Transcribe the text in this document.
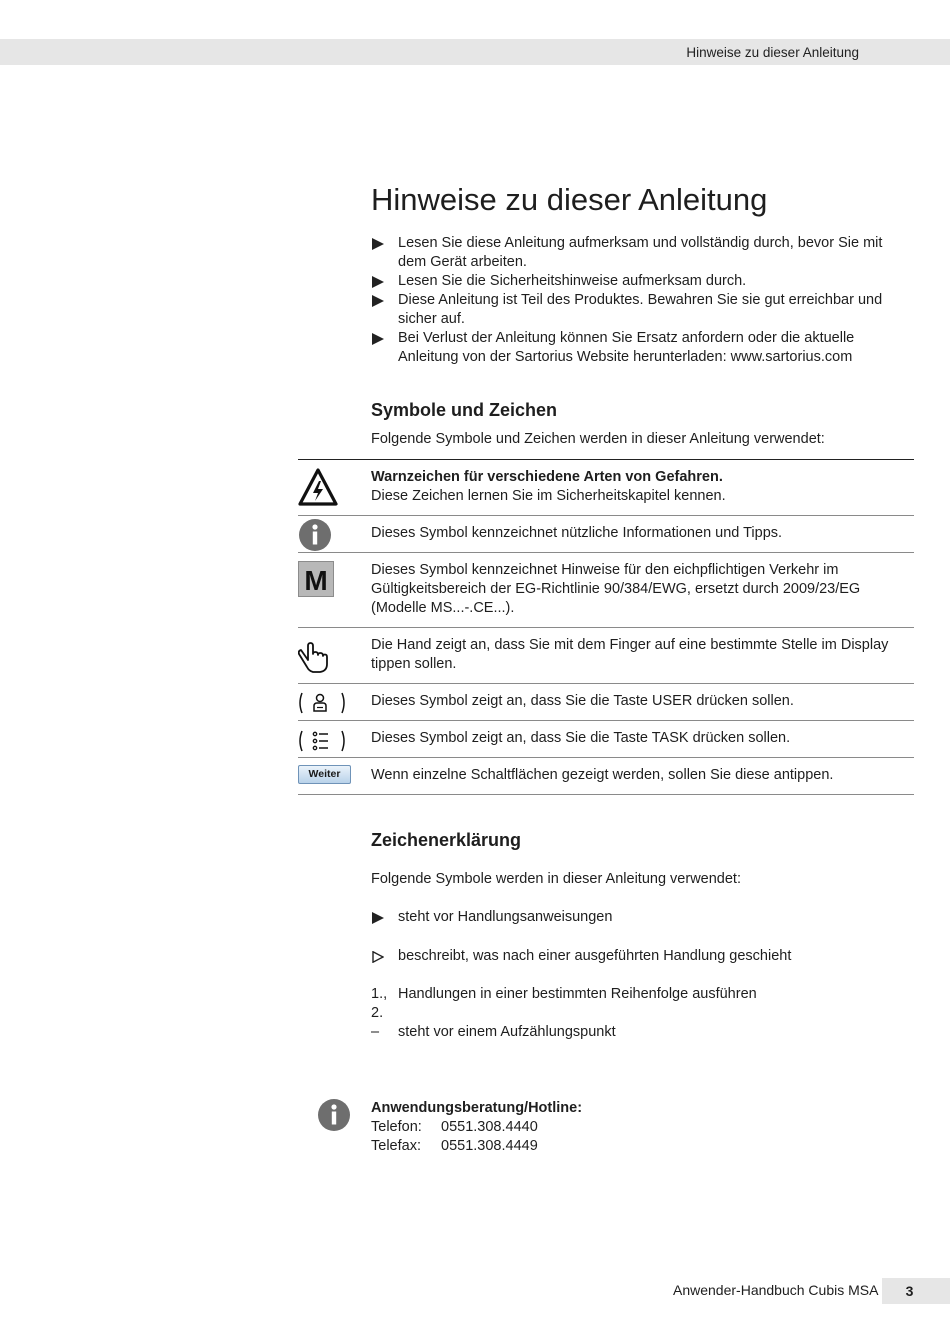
Hinweise zu dieser Anleitung
Hinweise zu dieser Anleitung
Lesen Sie diese Anleitung aufmerksam und vollständig durch, bevor Sie mit dem Gerät arbeiten.
Lesen Sie die Sicherheitshinweise aufmerksam durch.
Diese Anleitung ist Teil des Produktes. Bewahren Sie sie gut erreichbar und sicher auf.
Bei Verlust der Anleitung können Sie Ersatz anfordern oder die aktuelle Anleitung von der Sartorius Website herunterladen: www.sartorius.com
Symbole und Zeichen

Folgende Symbole und Zeichen werden in dieser Anleitung verwendet:

Warnzeichen für verschiedene Arten von Gefahren.
Diese Zeichen lernen Sie im Sicherheitskapitel kennen.
Dieses Symbol kennzeichnet nützliche Informationen und Tipps.
M	Dieses Symbol kennzeichnet Hinweise für den eichpflichtigen Verkehr im Gültigkeitsbereich der EG-Richtlinie 90/384/EWG, ersetzt durch 2009/23/EG (Modelle MS...-.CE...).
Die Hand zeigt an, dass Sie mit dem Finger auf eine bestimmte Stelle im Display tippen sollen.
Dieses Symbol zeigt an, dass Sie die Taste USER drücken sollen.
Dieses Symbol zeigt an, dass Sie die Taste TASK drücken sollen.
Weiter	Wenn einzelne Schaltflächen gezeigt werden, sollen Sie diese antippen.
Zeichenerklärung

Folgende Symbole werden in dieser Anleitung verwendet:

steht vor Handlungsanweisungen
beschreibt, was nach einer ausgeführten Handlung geschieht
1., 2.
Handlungen in einer bestimmten Reihenfolge ausführen
– steht vor einem Aufzählungspunkt
Anwendungsberatung/Hotline:
Telefon: 0551.308.4440
Telefax: 0551.308.4449
Anwender-Handbuch Cubis MSA	3
